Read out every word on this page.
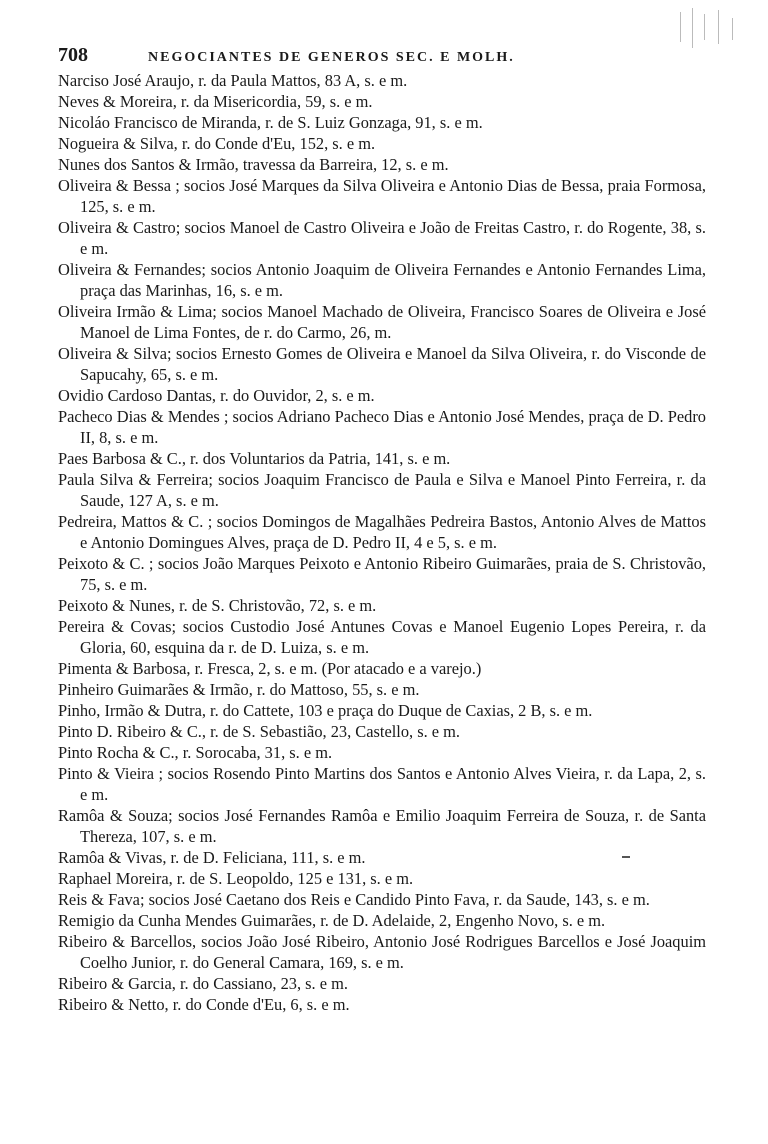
708	NEGOCIANTES DE GENEROS SEC. E MOLH.

Narciso José Araujo, r. da Paula Mattos, 83 A, s. e m.

Neves & Moreira, r. da Misericordia, 59, s. e m.

Nicoláo Francisco de Miranda, r. de S. Luiz Gonzaga, 91, s. e m.

Nogueira & Silva, r. do Conde d'Eu, 152, s. e m.

Nunes dos Santos & Irmão, travessa da Barreira, 12, s. e m.

Oliveira & Bessa ; socios José Marques da Silva Oliveira e Antonio Dias de Bessa, praia Formosa, 125, s. e m.

Oliveira & Castro; socios Manoel de Castro Oliveira e João de Freitas Castro, r. do Rogente, 38, s. e m.

Oliveira & Fernandes; socios Antonio Joaquim de Oliveira Fernandes e Antonio Fernandes Lima, praça das Marinhas, 16, s. e m.

Oliveira Irmão & Lima; socios Manoel Machado de Oliveira, Francisco Soares de Oliveira e José Manoel de Lima Fontes, de r. do Carmo, 26, m.

Oliveira & Silva; socios Ernesto Gomes de Oliveira e Manoel da Silva Oliveira, r. do Visconde de Sapucahy, 65, s. e m.

Ovidio Cardoso Dantas, r. do Ouvidor, 2, s. e m.

Pacheco Dias & Mendes ; socios Adriano Pacheco Dias e Antonio José Mendes, praça de D. Pedro II, 8, s. e m.

Paes Barbosa & C., r. dos Voluntarios da Patria, 141, s. e m.

Paula Silva & Ferreira; socios Joaquim Francisco de Paula e Silva e Manoel Pinto Ferreira, r. da Saude, 127 A, s. e m.

Pedreira, Mattos & C. ; socios Domingos de Magalhães Pedreira Bastos, Antonio Alves de Mattos e Antonio Domingues Alves, praça de D. Pedro II, 4 e 5, s. e m.

Peixoto & C. ; socios João Marques Peixoto e Antonio Ribeiro Guimarães, praia de S. Christovão, 75, s. e m.

Peixoto & Nunes, r. de S. Christovão, 72, s. e m.

Pereira & Covas; socios Custodio José Antunes Covas e Manoel Eugenio Lopes Pereira, r. da Gloria, 60, esquina da r. de D. Luiza, s. e m.

Pimenta & Barbosa, r. Fresca, 2, s. e m. (Por atacado e a varejo.)

Pinheiro Guimarães & Irmão, r. do Mattoso, 55, s. e m.

Pinho, Irmão & Dutra, r. do Cattete, 103 e praça do Duque de Caxias, 2 B, s. e m.

Pinto D. Ribeiro & C., r. de S. Sebastião, 23, Castello, s. e m.

Pinto Rocha & C., r. Sorocaba, 31, s. e m.

Pinto & Vieira ; socios Rosendo Pinto Martins dos Santos e Antonio Alves Vieira, r. da Lapa, 2, s. e m.

Ramôa & Souza; socios José Fernandes Ramôa e Emilio Joaquim Ferreira de Souza, r. de Santa Thereza, 107, s. e m.

Ramôa & Vivas, r. de D. Feliciana, 111, s. e m.

Raphael Moreira, r. de S. Leopoldo, 125 e 131, s. e m.

Reis & Fava; socios José Caetano dos Reis e Candido Pinto Fava, r. da Saude, 143, s. e m.

Remigio da Cunha Mendes Guimarães, r. de D. Adelaide, 2, Engenho Novo, s. e m.

Ribeiro & Barcellos, socios João José Ribeiro, Antonio José Rodrigues Barcellos e José Joaquim Coelho Junior, r. do General Camara, 169, s. e m.

Ribeiro & Garcia, r. do Cassiano, 23, s. e m.

Ribeiro & Netto, r. do Conde d'Eu, 6, s. e m.
